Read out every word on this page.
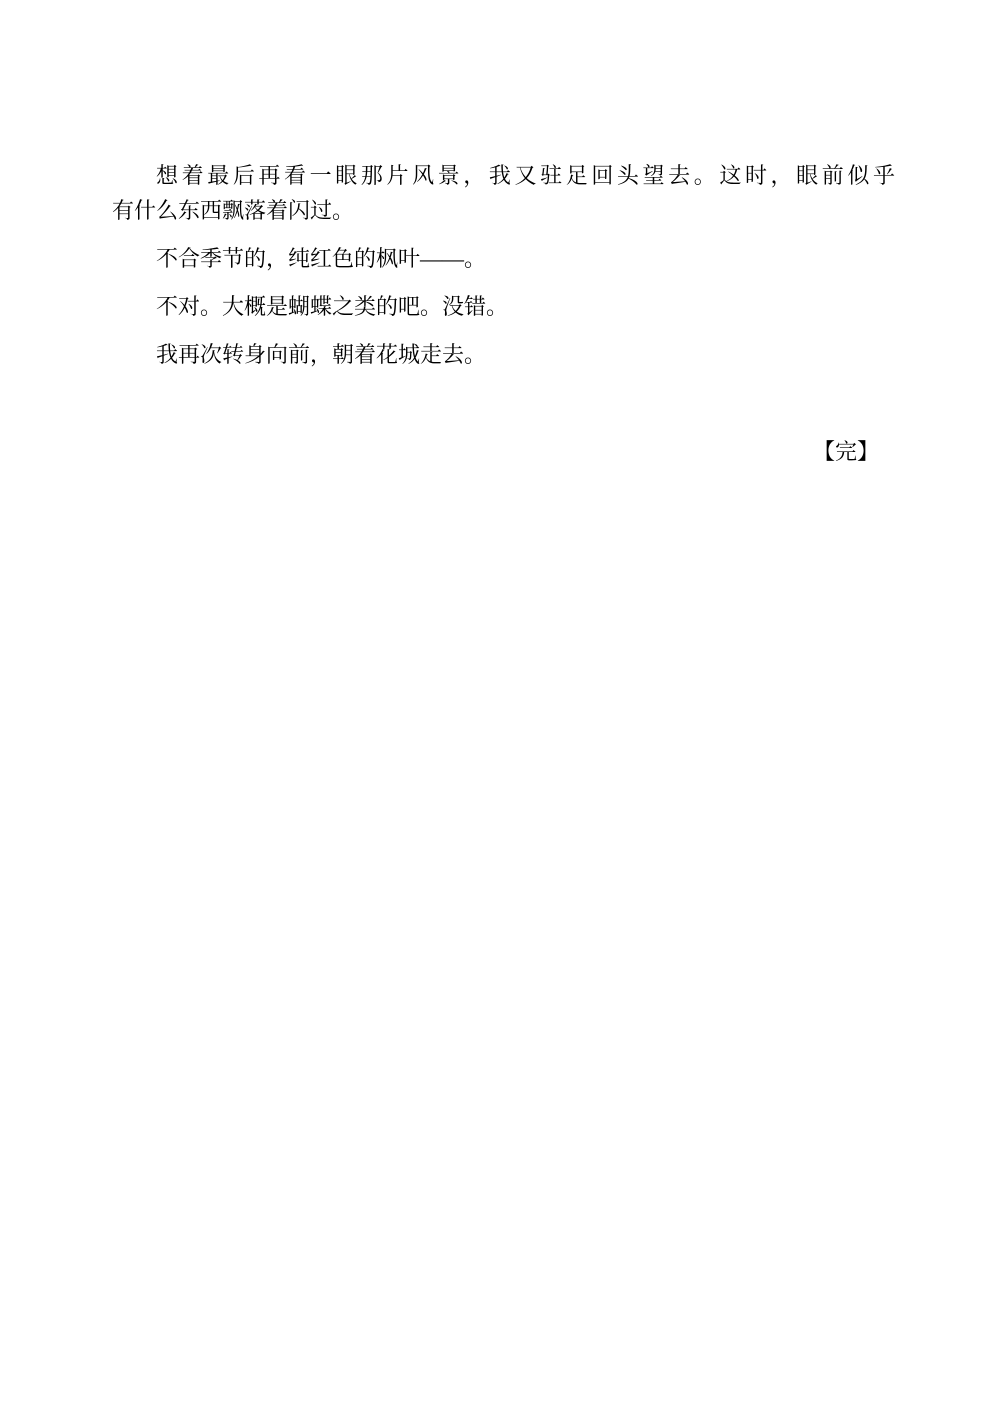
想着最后再看一眼那片风景，我又驻足回头望去。这时，眼前似乎
有什么东西飘落着闪过。
不合季节的，纯红色的枫叶——。
不对。大概是蝴蝶之类的吧。没错。
我再次转身向前，朝着花城走去。
【完】
